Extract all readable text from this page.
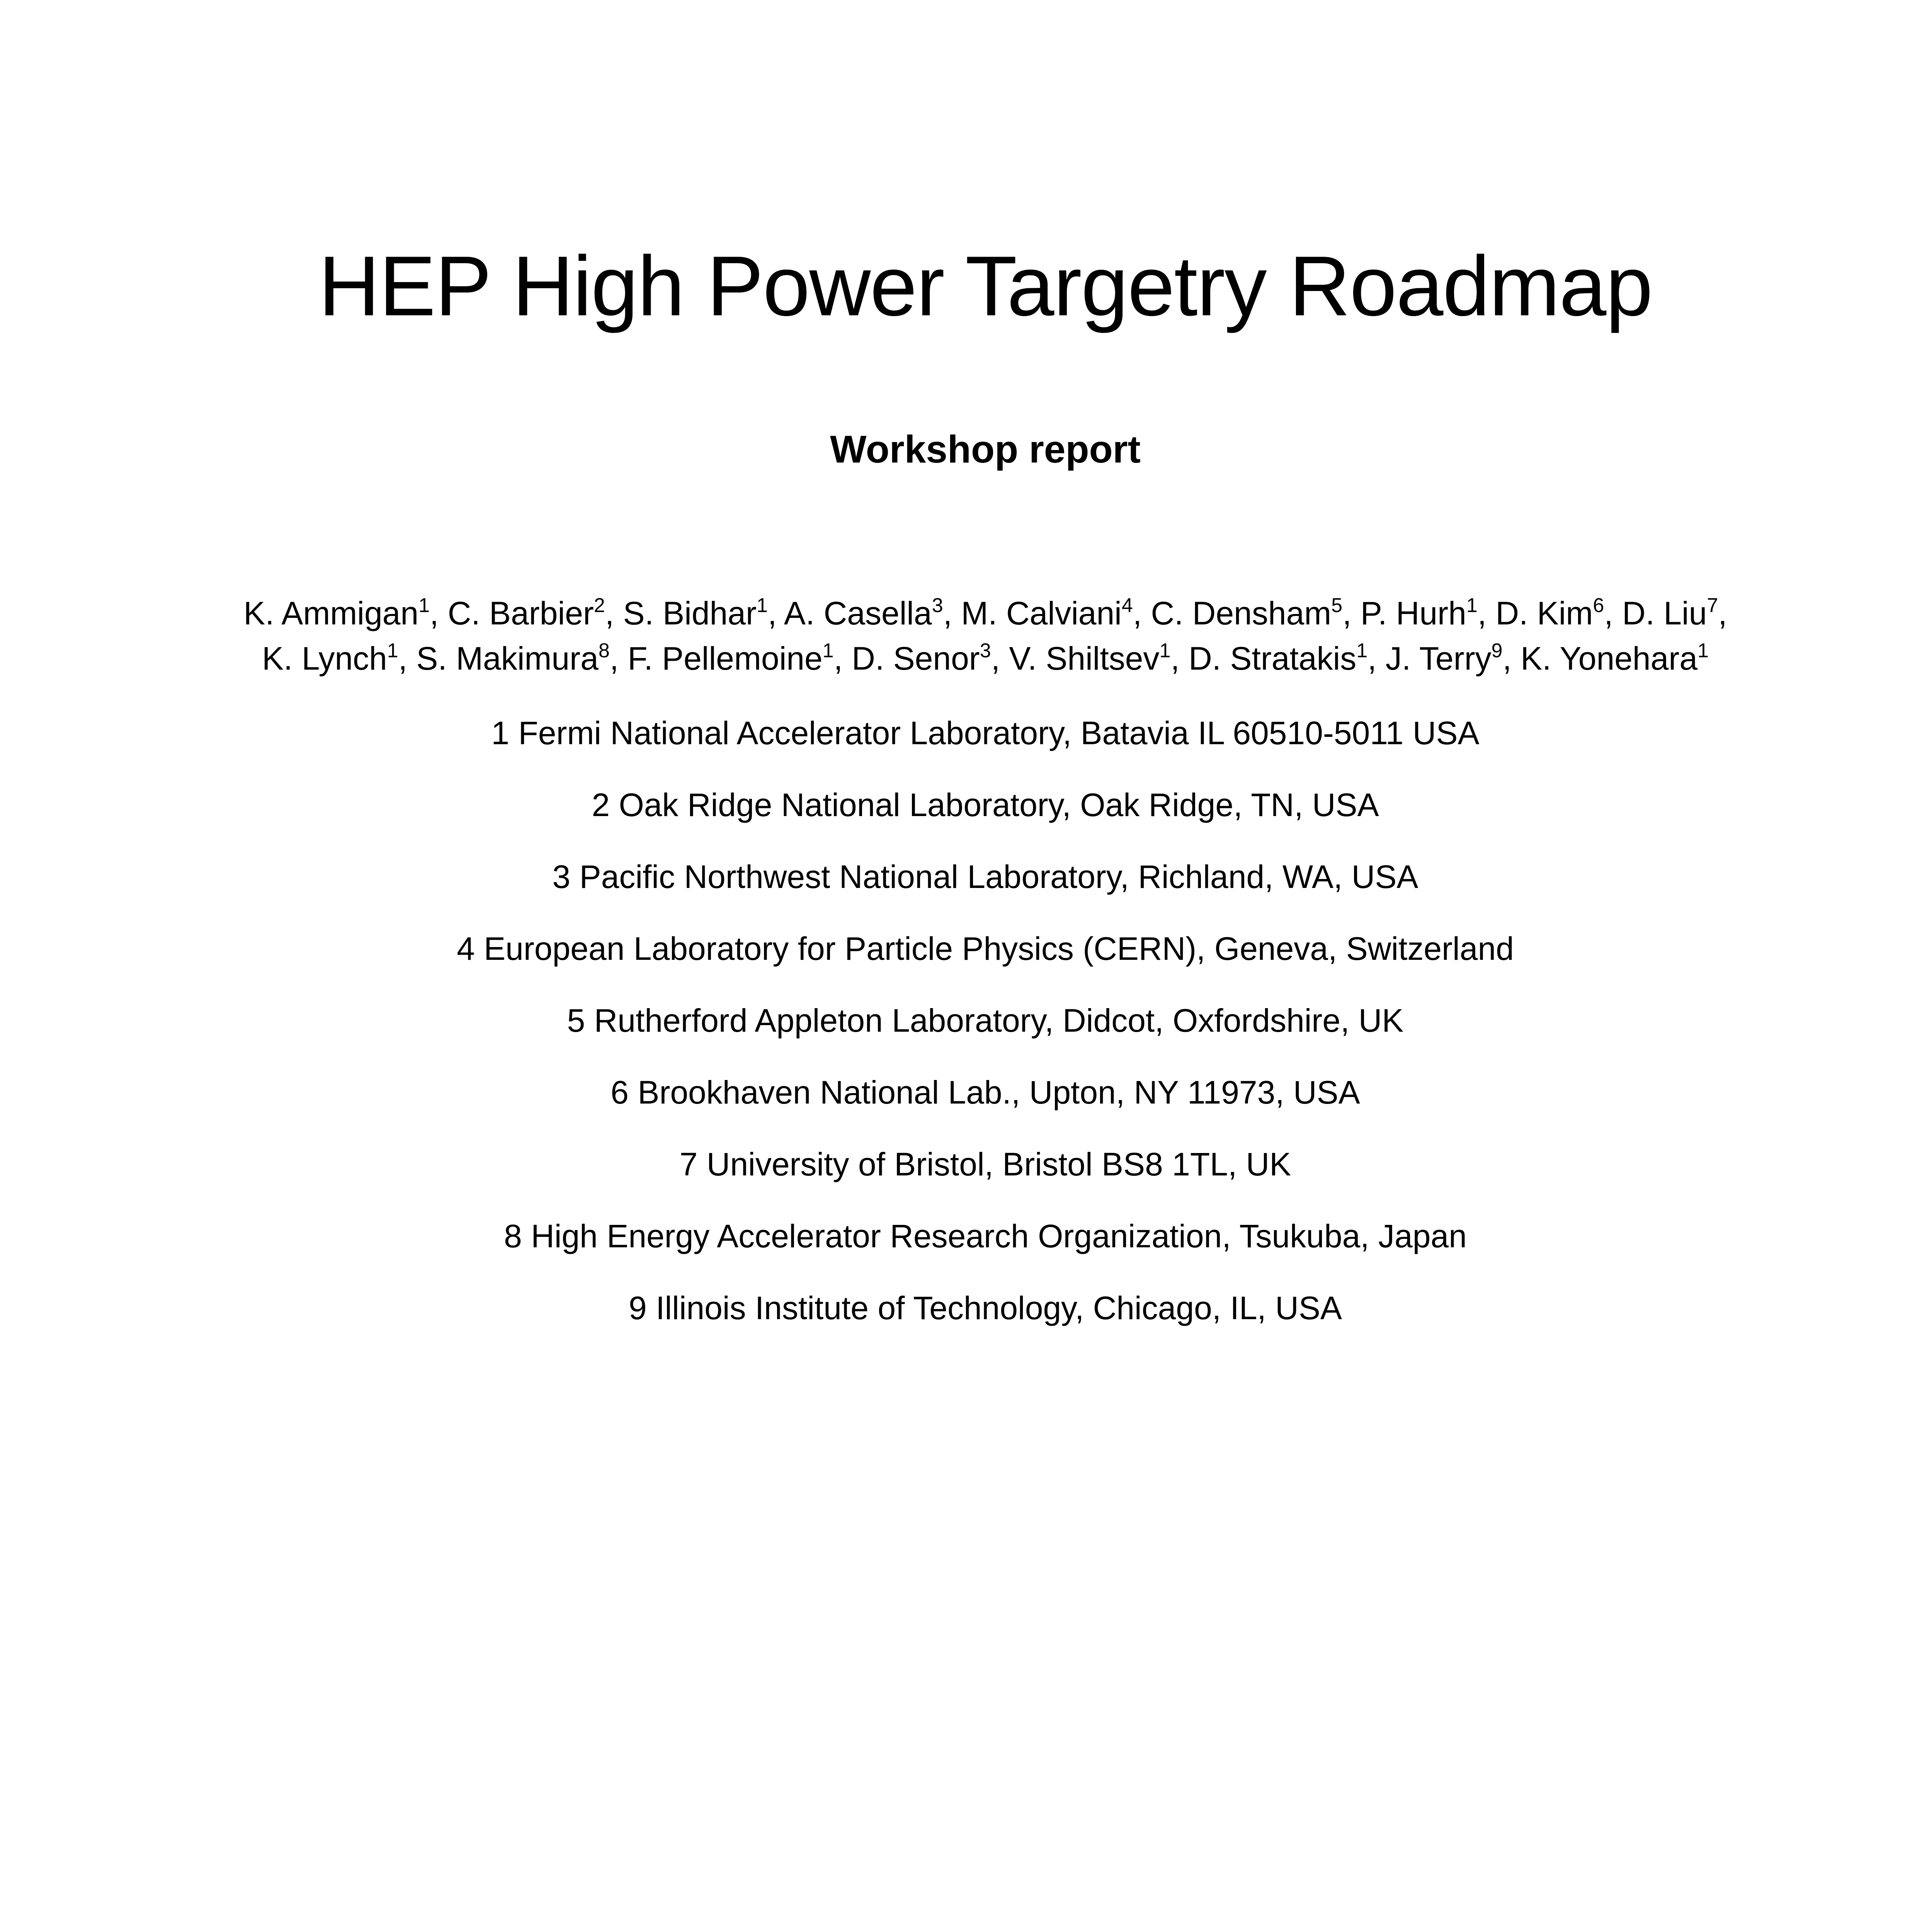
HEP High Power Targetry Roadmap
Workshop report
K. Ammigan$^1$, C. Barbier$^2$, S. Bidhar$^1$, A. Casella$^3$, M. Calviani$^4$, C. Densham$^5$, P. Hurh$^1$, D. Kim$^6$, D. Liu$^7$,
K. Lynch$^1$, S. Makimura$^8$, F. Pellemoine$^1$, D. Senor$^3$, V. Shiltsev$^1$, D. Stratakis$^1$, J. Terry$^9$, K. Yonehara$^1$
1 Fermi National Accelerator Laboratory, Batavia IL 60510-5011 USA
2 Oak Ridge National Laboratory, Oak Ridge, TN, USA
3 Pacific Northwest National Laboratory, Richland, WA, USA
4 European Laboratory for Particle Physics (CERN), Geneva, Switzerland
5 Rutherford Appleton Laboratory, Didcot, Oxfordshire, UK
6 Brookhaven National Lab., Upton, NY 11973, USA
7 University of Bristol, Bristol BS8 1TL, UK
8 High Energy Accelerator Research Organization, Tsukuba, Japan
9 Illinois Institute of Technology, Chicago, IL, USA
